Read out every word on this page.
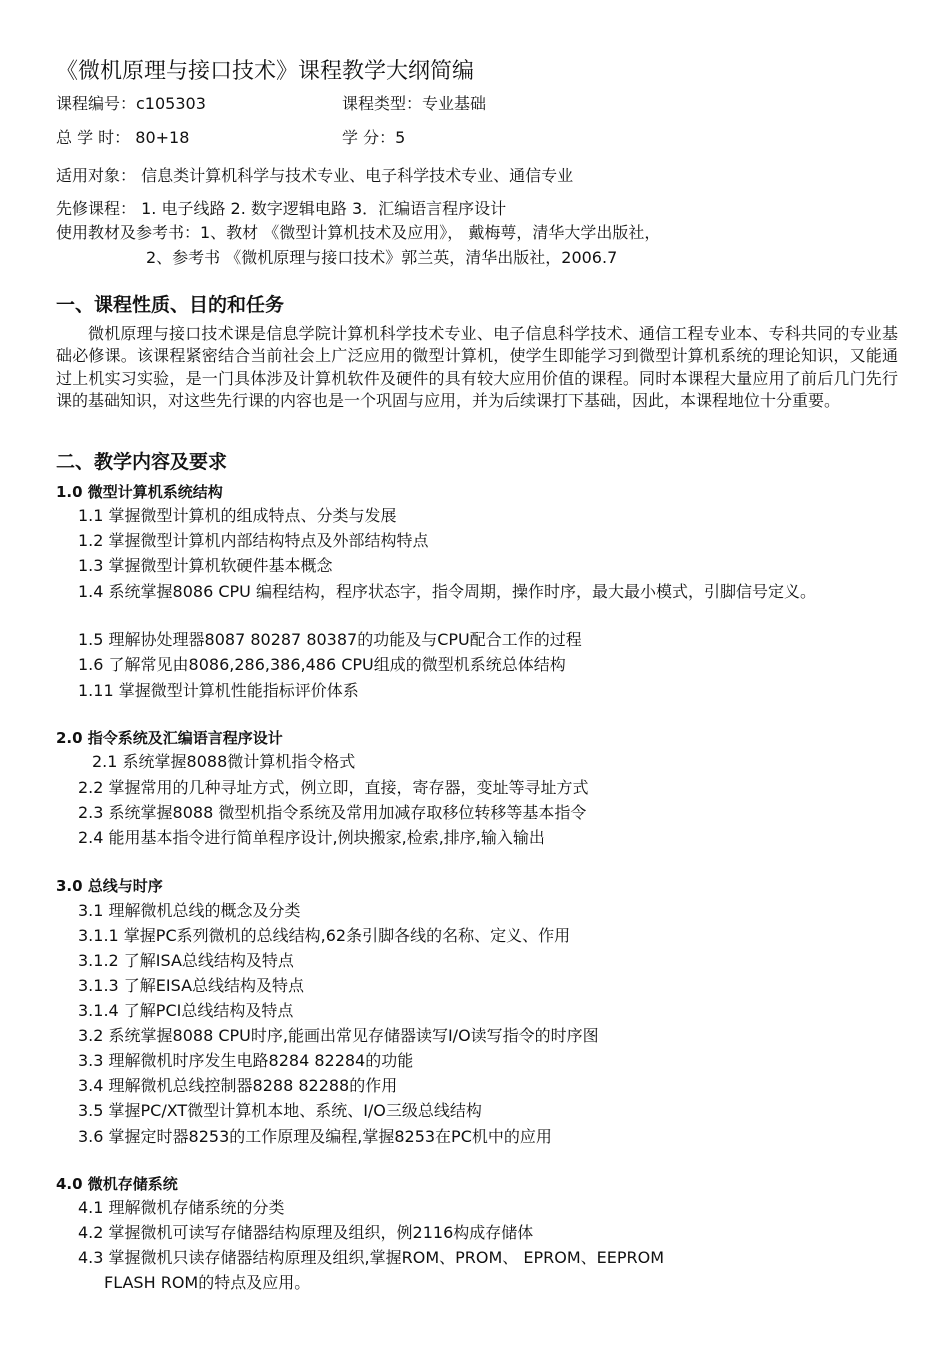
《微机原理与接口技术》课程教学大纲简编
课程编号：c105303	课程类型：专业基础
总 学 时： 80+18	学 分：5
适用对象： 信息类计算机科学与技术专业、电子科学技术专业、通信专业
先修课程： 1. 电子线路 2. 数字逻辑电路 3．汇编语言程序设计
使用教材及参考书：1、教材 《微型计算机技术及应用》， 戴梅萼，清华大学出版社，
2、参考书 《微机原理与接口技术》郭兰英，清华出版社，2006.7
一、课程性质、目的和任务
微机原理与接口技术课是信息学院计算机科学技术专业、电子信息科学技术、通信工程专业本、专科共同的专业基础必修课。该课程紧密结合当前社会上广泛应用的微型计算机，使学生即能学习到微型计算机系统的理论知识，又能通过上机实习实验，是一门具体涉及计算机软件及硬件的具有较大应用价值的课程。同时本课程大量应用了前后几门先行课的基础知识，对这些先行课的内容也是一个巩固与应用，并为后续课打下基础，因此，本课程地位十分重要。
二、教学内容及要求
1.0 微型计算机系统结构
1.1 掌握微型计算机的组成特点、分类与发展
1.2 掌握微型计算机内部结构特点及外部结构特点
1.3 掌握微型计算机软硬件基本概念
1.4 系统掌握8086 CPU 编程结构，程序状态字，指令周期，操作时序，最大最小模式，引脚信号定义。
1.5 理解协处理器8087 80287 80387的功能及与CPU配合工作的过程
1.6 了解常见由8086,286,386,486 CPU组成的微型机系统总体结构
1.11 掌握微型计算机性能指标评价体系
2.0 指令系统及汇编语言程序设计
2.1 系统掌握8088微计算机指令格式
2.2 掌握常用的几种寻址方式，例立即，直接，寄存器，变址等寻址方式
2.3 系统掌握8088 微型机指令系统及常用加减存取移位转移等基本指令
2.4 能用基本指令进行简单程序设计,例块搬家,检索,排序,输入输出
3.0 总线与时序
3.1 理解微机总线的概念及分类
3.1.1 掌握PC系列微机的总线结构,62条引脚各线的名称、定义、作用
3.1.2 了解ISA总线结构及特点
3.1.3 了解EISA总线结构及特点
3.1.4 了解PCI总线结构及特点
3.2 系统掌握8088 CPU时序,能画出常见存储器读写I/O读写指令的时序图
3.3 理解微机时序发生电路8284 82284的功能
3.4 理解微机总线控制器8288 82288的作用
3.5 掌握PC/XT微型计算机本地、系统、I/O三级总线结构
3.6 掌握定时器8253的工作原理及编程,掌握8253在PC机中的应用
4.0 微机存储系统
4.1 理解微机存储系统的分类
4.2 掌握微机可读写存储器结构原理及组织，例2116构成存储体
4.3 掌握微机只读存储器结构原理及组织,掌握ROM、PROM、 EPROM、EEPROM
FLASH ROM的特点及应用。
